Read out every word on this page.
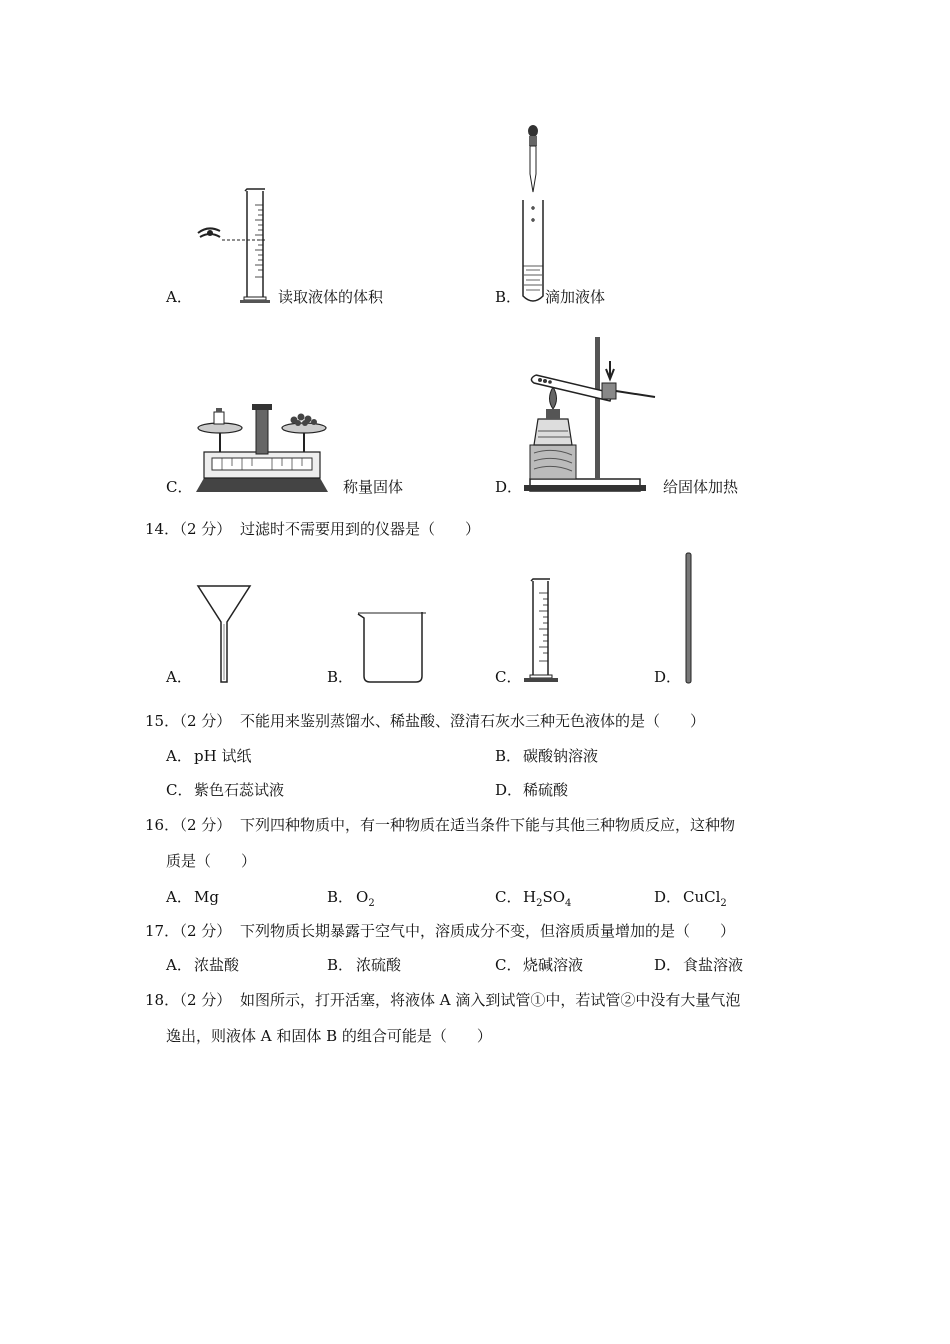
A．	读取液体的体积	B． 滴加液体
C．	称量固体	D．	给固体加热
14．
（2 分） 过滤时不需要用到的仪器是（　　）
A．	B．	C．	D．
15．
（2 分） 不能用来鉴别蒸馏水、稀盐酸、澄清石灰水三种无色液体的是（　　）
A． pH 试纸	B． 碳酸钠溶液
C． 紫色石蕊试液	D． 稀硫酸
16．
（2 分） 下列四种物质中，有一种物质在适当条件下能与其他三种物质反应，这种物
质是（　　）
A． Mg	B． $O_2$	C． $H_2SO_4$	D． CuCl$_2$
17．
（2 分） 下列物质长期暴露于空气中，溶质成分不变，但溶质质量增加的是（　　）
A． 浓盐酸	B． 浓硫酸	C． 烧碱溶液	D． 食盐溶液
18．
（2 分） 如图所示，打开活塞，将液体 A 滴入到试管①中，若试管②中没有大量气泡
逸出，则液体 A 和固体 B 的组合可能是（　　）
